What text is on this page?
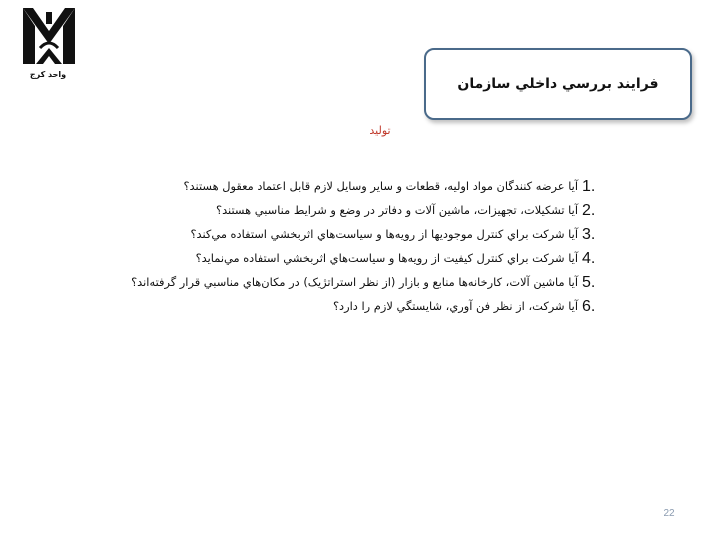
واحد کرج
فرايند بررسي داخلي سازمان
تولید
1.
آيا عرضه کنندگان مواد اوليه، قطعات و ساير وسايل لازم قابل اعتماد معقول هستند؟
2.
آيا تشکيلات، تجهيزات، ماشين آلات و دفاتر در وضع و شرايط مناسبي هستند؟
3.
آيا شرکت براي کنترل موجوديها از رويه‌ها و سياست‌هاي اثربخشي استفاده مي‌کند؟
4.
آيا شرکت براي کنترل کيفيت از رويه‌ها و سياست‌هاي اثربخشي استفاده مي‌نمايد؟
5.
آيا ماشين آلات، کارخانه‌ها منابع و بازار (از نظر استراتژيک) در مکان‌هاي مناسبي قرار گرفته‌اند؟
6.
آيا شرکت، از نظر فن آوري، شايستگي لازم را دارد؟
22
